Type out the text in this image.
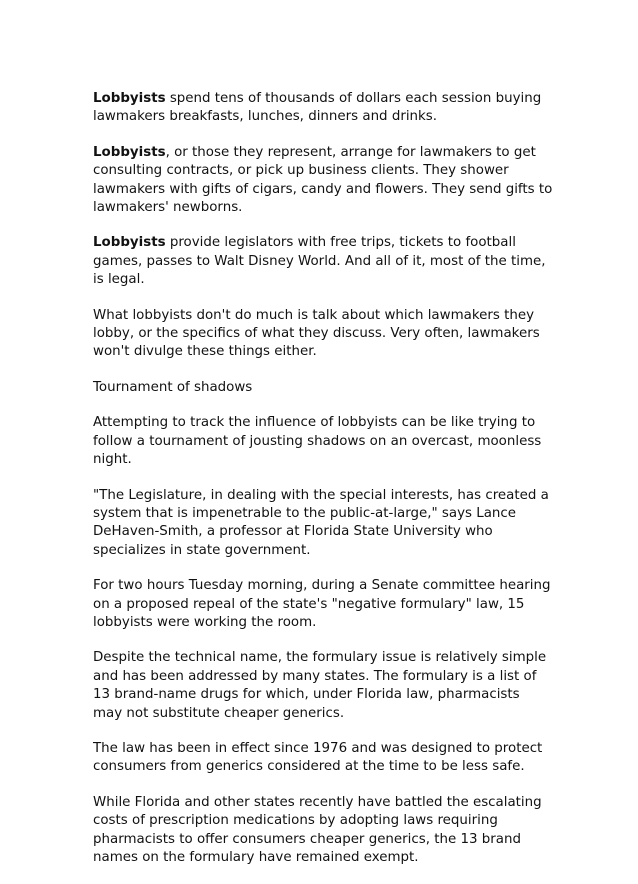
Lobbyists spend tens of thousands of dollars each session buying lawmakers breakfasts, lunches, dinners and drinks.

Lobbyists, or those they represent, arrange for lawmakers to get consulting contracts, or pick up business clients. They shower lawmakers with gifts of cigars, candy and flowers. They send gifts to lawmakers' newborns.

Lobbyists provide legislators with free trips, tickets to football games, passes to Walt Disney World. And all of it, most of the time, is legal.

What lobbyists don't do much is talk about which lawmakers they lobby, or the specifics of what they discuss. Very often, lawmakers won't divulge these things either.

Tournament of shadows

Attempting to track the influence of lobbyists can be like trying to follow a tournament of jousting shadows on an overcast, moonless night.

"The Legislature, in dealing with the special interests, has created a system that is impenetrable to the public-at-large," says Lance DeHaven-Smith, a professor at Florida State University who specializes in state government.

For two hours Tuesday morning, during a Senate committee hearing on a proposed repeal of the state's "negative formulary" law, 15 lobbyists were working the room.

Despite the technical name, the formulary issue is relatively simple and has been addressed by many states. The formulary is a list of 13 brand-name drugs for which, under Florida law, pharmacists may not substitute cheaper generics.

The law has been in effect since 1976 and was designed to protect consumers from generics considered at the time to be less safe.

While Florida and other states recently have battled the escalating costs of prescription medications by adopting laws requiring pharmacists to offer consumers cheaper generics, the 13 brand names on the formulary have remained exempt.
